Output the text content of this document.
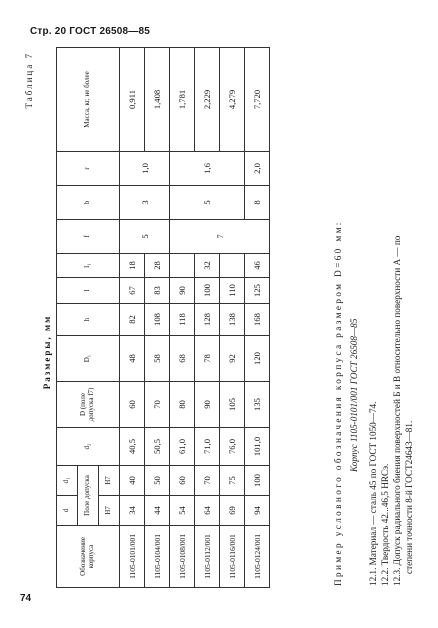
Стр. 20 ГОСТ 26508—85
Таблица 7
Размеры, мм
Обозначение корпуса	d	d₁	d₂	D (поле допуска f7)	D₁	h	l	l₁	f	b	r	Масса, кг, не более
	Поле допуска											
	H7	H7										
1105-0101/001	34	40	40,5	60	48	82	67	18	5	3	1,0	0,911
1105-0104/001	44	50	50,5	70	58	108	83	28				1,408
1105-0108/001	54	60	61,0	80	68	118	90		7	5	1,6	1,781
1105-0112/001	64	70	71,0	90	78	128	100	32				2,229
1105-0116/001	69	75	76,0	105	92	138	110					4,279
1105-0124/001	94	100	101,0	135	120	168	125	46		8	2,0	7,720
Пример условного обозначения корпуса размером D=60 мм: Корпус 1105-0101/001 ГОСТ 26508—85
12.1. Материал — сталь 45 по ГОСТ 1050—74. 12.2. Твердость 42...46,5 HRCэ. 12.3. Допуск радиального биения поверхностей Б и В относительно поверхности А — по степени точности 8-й ГОСТ24643—81.
74
